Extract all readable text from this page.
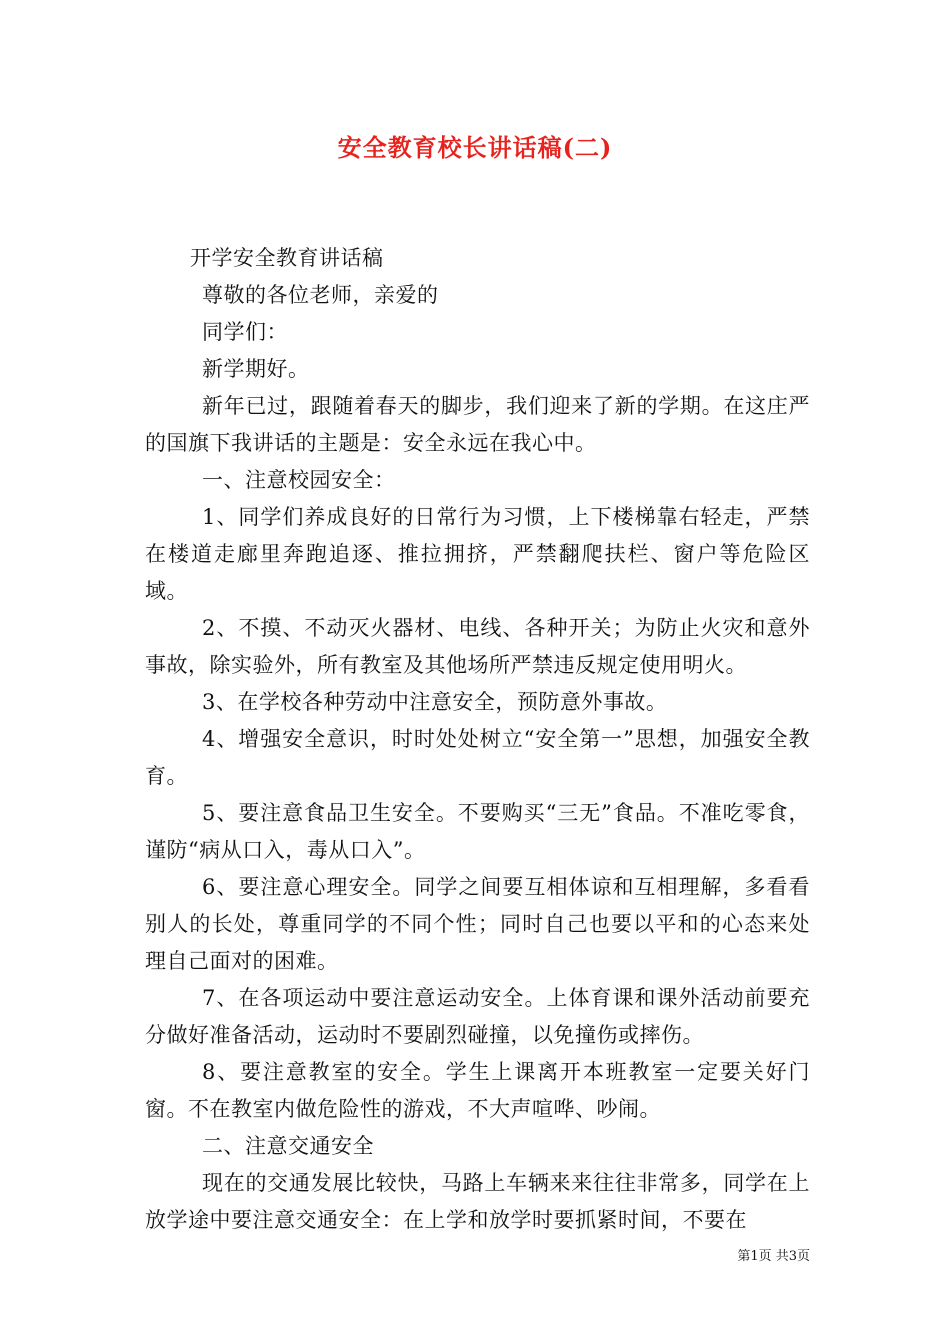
安全教育校长讲话稿(二)

开学安全教育讲话稿

尊敬的各位老师，亲爱的

同学们：

新学期好。

新年已过，跟随着春天的脚步，我们迎来了新的学期。在这庄严的国旗下我讲话的主题是：安全永远在我心中。

一、注意校园安全：

1、同学们养成良好的日常行为习惯，上下楼梯靠右轻走，严禁在楼道走廊里奔跑追逐、推拉拥挤，严禁翻爬扶栏、窗户等危险区域。

2、不摸、不动灭火器材、电线、各种开关；为防止火灾和意外事故，除实验外，所有教室及其他场所严禁违反规定使用明火。

3、在学校各种劳动中注意安全，预防意外事故。

4、增强安全意识，时时处处树立“安全第一”思想，加强安全教育。

5、要注意食品卫生安全。不要购买“三无”食品。不准吃零食，谨防“病从口入，毒从口入”。

6、要注意心理安全。同学之间要互相体谅和互相理解，多看看别人的长处，尊重同学的不同个性；同时自己也要以平和的心态来处理自己面对的困难。

7、在各项运动中要注意运动安全。上体育课和课外活动前要充分做好准备活动，运动时不要剧烈碰撞，以免撞伤或摔伤。

8、要注意教室的安全。学生上课离开本班教室一定要关好门窗。不在教室内做危险性的游戏，不大声喧哗、吵闹。

二、注意交通安全

现在的交通发展比较快，马路上车辆来来往往非常多，同学在上放学途中要注意交通安全：在上学和放学时要抓紧时间，不要在

第1页 共3页
